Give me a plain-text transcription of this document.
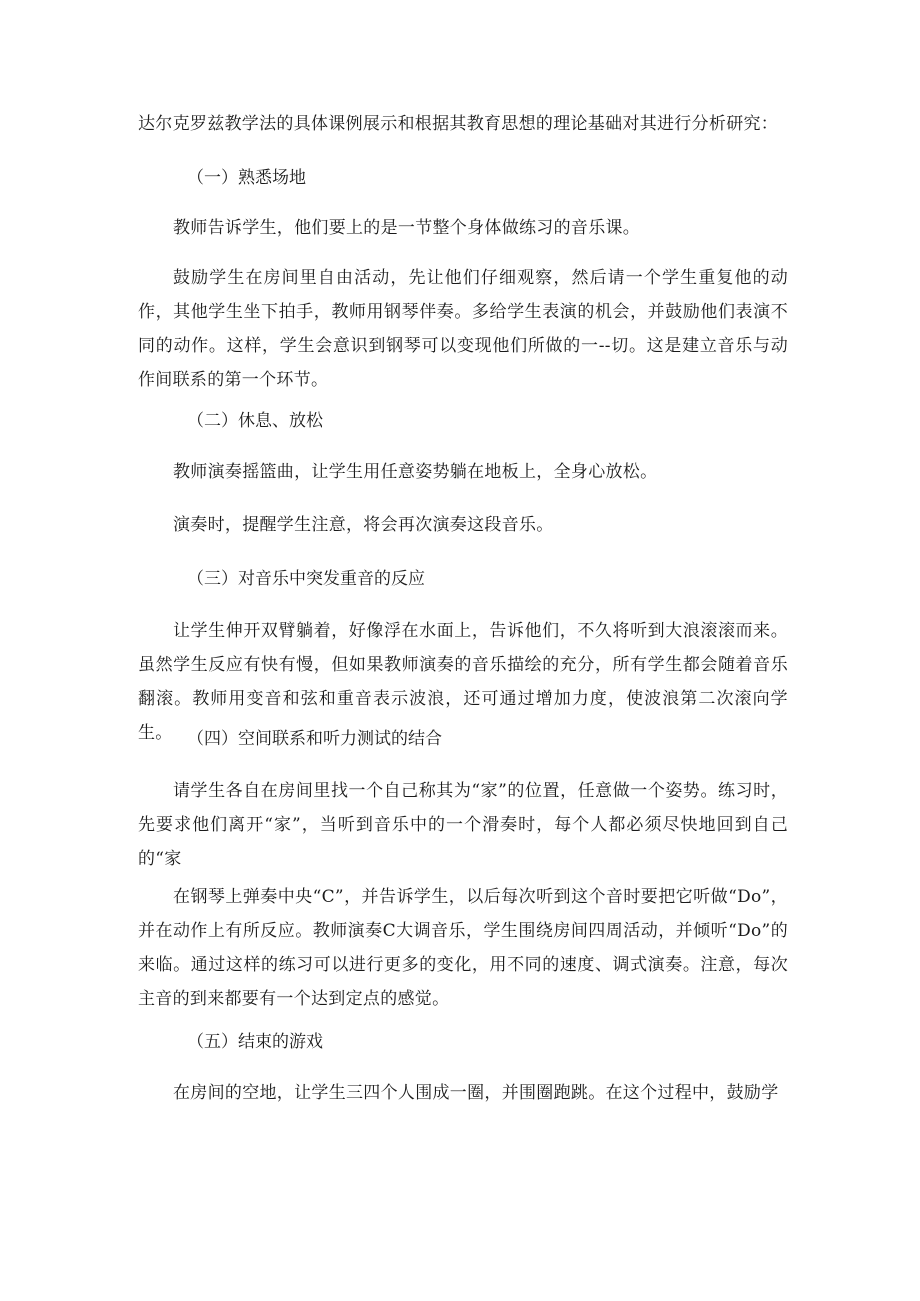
达尔克罗兹教学法的具体课例展示和根据其教育思想的理论基础对其进行分析研究：

（一）熟悉场地

教师告诉学生，他们要上的是一节整个身体做练习的音乐课。

鼓励学生在房间里自由活动，先让他们仔细观察，然后请一个学生重复他的动作，其他学生坐下拍手，教师用钢琴伴奏。多给学生表演的机会，并鼓励他们表演不同的动作。这样，学生会意识到钢琴可以变现他们所做的一--切。这是建立音乐与动作间联系的第一个环节。

（二）休息、放松

教师演奏摇篮曲，让学生用任意姿势躺在地板上，全身心放松。

演奏时，提醒学生注意，将会再次演奏这段音乐。

（三）对音乐中突发重音的反应

让学生伸开双臂躺着，好像浮在水面上，告诉他们，不久将听到大浪滚滚而来。虽然学生反应有快有慢，但如果教师演奏的音乐描绘的充分，所有学生都会随着音乐翻滚。教师用变音和弦和重音表示波浪，还可通过增加力度，使波浪第二次滚向学生。 （四）空间联系和听力测试的结合

请学生各自在房间里找一个自己称其为“家”的位置，任意做一个姿势。练习时，先要求他们离开“家”，当听到音乐中的一个滑奏时，每个人都必须尽快地回到自己的“家

在钢琴上弹奏中央“C”，并告诉学生，以后每次听到这个音时要把它听做“Do”，并在动作上有所反应。教师演奏C大调音乐，学生围绕房间四周活动，并倾听“Do”的来临。通过这样的练习可以进行更多的变化，用不同的速度、调式演奏。注意，每次主音的到来都要有一个达到定点的感觉。

（五）结束的游戏

在房间的空地，让学生三四个人围成一圈，并围圈跑跳。在这个过程中，鼓励学
